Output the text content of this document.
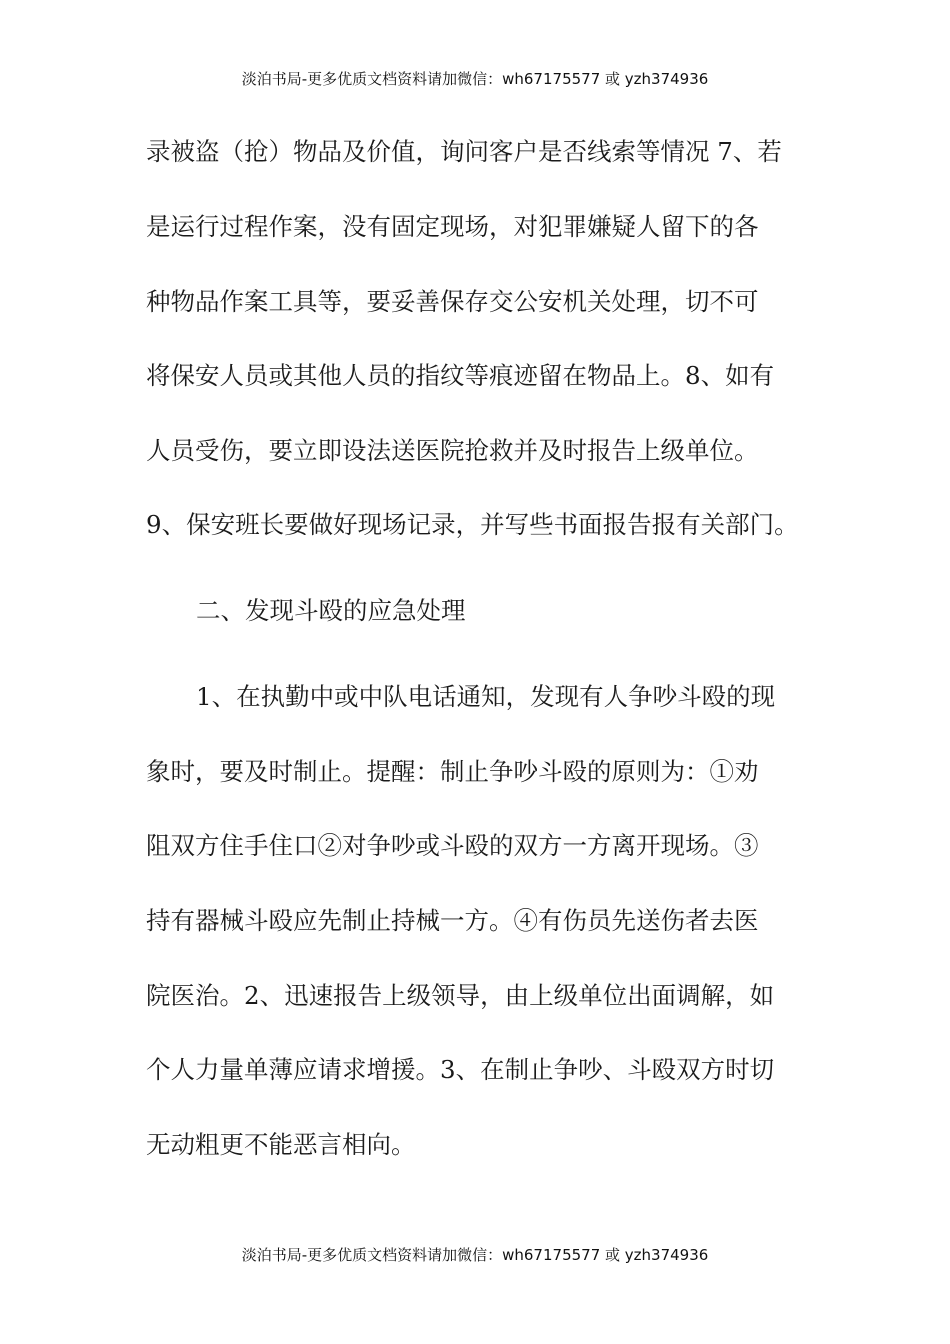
淡泊书局-更多优质文档资料请加微信：wh67175577 或 yzh374936
录被盗（抢）物品及价值，询问客户是否线索等情况 7、若
是运行过程作案，没有固定现场，对犯罪嫌疑人留下的各
种物品作案工具等，要妥善保存交公安机关处理，切不可
将保安人员或其他人员的指纹等痕迹留在物品上。8、如有
人员受伤，要立即设法送医院抢救并及时报告上级单位。
9、保安班长要做好现场记录，并写些书面报告报有关部门。
二、发现斗殴的应急处理
1、在执勤中或中队电话通知，发现有人争吵斗殴的现
象时，要及时制止。提醒：制止争吵斗殴的原则为：①劝
阻双方住手住口②对争吵或斗殴的双方一方离开现场。③
持有器械斗殴应先制止持械一方。④有伤员先送伤者去医
院医治。2、迅速报告上级领导，由上级单位出面调解，如
个人力量单薄应请求增援。3、在制止争吵、斗殴双方时切
无动粗更不能恶言相向。
淡泊书局-更多优质文档资料请加微信：wh67175577 或 yzh374936
